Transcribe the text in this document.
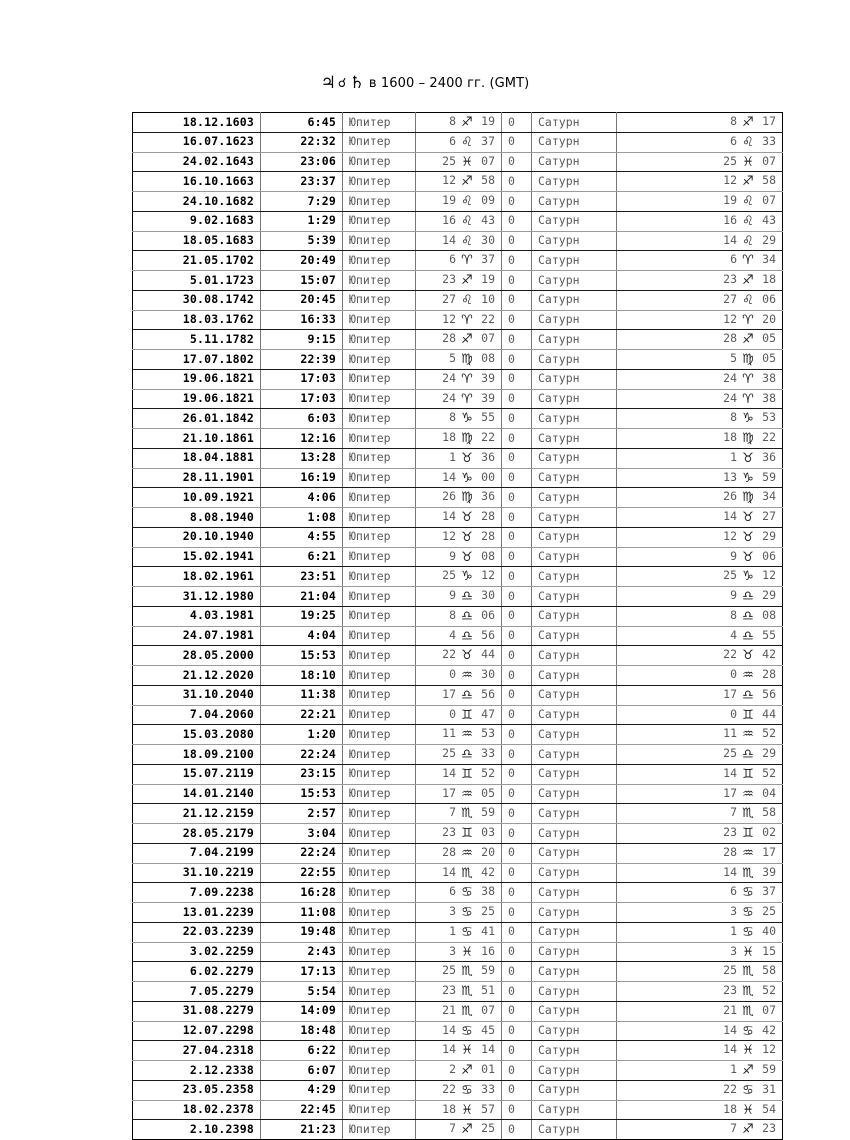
♃ ☌ ♄ в 1600 – 2400 гг. (GMT)
18.12.1603	6:45	Юпитер	8 ♐ 19	0	Сатурн	8 ♐ 17
16.07.1623	22:32	Юпитер	6 ♌ 37	0	Сатурн	6 ♌ 33
24.02.1643	23:06	Юпитер	25 ♓ 07	0	Сатурн	25 ♓ 07
16.10.1663	23:37	Юпитер	12 ♐ 58	0	Сатурн	12 ♐ 58
24.10.1682	7:29	Юпитер	19 ♌ 09	0	Сатурн	19 ♌ 07
9.02.1683	1:29	Юпитер	16 ♌ 43	0	Сатурн	16 ♌ 43
18.05.1683	5:39	Юпитер	14 ♌ 30	0	Сатурн	14 ♌ 29
21.05.1702	20:49	Юпитер	6 ♈ 37	0	Сатурн	6 ♈ 34
5.01.1723	15:07	Юпитер	23 ♐ 19	0	Сатурн	23 ♐ 18
30.08.1742	20:45	Юпитер	27 ♌ 10	0	Сатурн	27 ♌ 06
18.03.1762	16:33	Юпитер	12 ♈ 22	0	Сатурн	12 ♈ 20
5.11.1782	9:15	Юпитер	28 ♐ 07	0	Сатурн	28 ♐ 05
17.07.1802	22:39	Юпитер	5 ♍ 08	0	Сатурн	5 ♍ 05
19.06.1821	17:03	Юпитер	24 ♈ 39	0	Сатурн	24 ♈ 38
19.06.1821	17:03	Юпитер	24 ♈ 39	0	Сатурн	24 ♈ 38
26.01.1842	6:03	Юпитер	8 ♑ 55	0	Сатурн	8 ♑ 53
21.10.1861	12:16	Юпитер	18 ♍ 22	0	Сатурн	18 ♍ 22
18.04.1881	13:28	Юпитер	1 ♉ 36	0	Сатурн	1 ♉ 36
28.11.1901	16:19	Юпитер	14 ♑ 00	0	Сатурн	13 ♑ 59
10.09.1921	4:06	Юпитер	26 ♍ 36	0	Сатурн	26 ♍ 34
8.08.1940	1:08	Юпитер	14 ♉ 28	0	Сатурн	14 ♉ 27
20.10.1940	4:55	Юпитер	12 ♉ 28	0	Сатурн	12 ♉ 29
15.02.1941	6:21	Юпитер	9 ♉ 08	0	Сатурн	9 ♉ 06
18.02.1961	23:51	Юпитер	25 ♑ 12	0	Сатурн	25 ♑ 12
31.12.1980	21:04	Юпитер	9 ♎ 30	0	Сатурн	9 ♎ 29
4.03.1981	19:25	Юпитер	8 ♎ 06	0	Сатурн	8 ♎ 08
24.07.1981	4:04	Юпитер	4 ♎ 56	0	Сатурн	4 ♎ 55
28.05.2000	15:53	Юпитер	22 ♉ 44	0	Сатурн	22 ♉ 42
21.12.2020	18:10	Юпитер	0 ♒ 30	0	Сатурн	0 ♒ 28
31.10.2040	11:38	Юпитер	17 ♎ 56	0	Сатурн	17 ♎ 56
7.04.2060	22:21	Юпитер	0 ♊ 47	0	Сатурн	0 ♊ 44
15.03.2080	1:20	Юпитер	11 ♒ 53	0	Сатурн	11 ♒ 52
18.09.2100	22:24	Юпитер	25 ♎ 33	0	Сатурн	25 ♎ 29
15.07.2119	23:15	Юпитер	14 ♊ 52	0	Сатурн	14 ♊ 52
14.01.2140	15:53	Юпитер	17 ♒ 05	0	Сатурн	17 ♒ 04
21.12.2159	2:57	Юпитер	7 ♏ 59	0	Сатурн	7 ♏ 58
28.05.2179	3:04	Юпитер	23 ♊ 03	0	Сатурн	23 ♊ 02
7.04.2199	22:24	Юпитер	28 ♒ 20	0	Сатурн	28 ♒ 17
31.10.2219	22:55	Юпитер	14 ♏ 42	0	Сатурн	14 ♏ 39
7.09.2238	16:28	Юпитер	6 ♋ 38	0	Сатурн	6 ♋ 37
13.01.2239	11:08	Юпитер	3 ♋ 25	0	Сатурн	3 ♋ 25
22.03.2239	19:48	Юпитер	1 ♋ 41	0	Сатурн	1 ♋ 40
3.02.2259	2:43	Юпитер	3 ♓ 16	0	Сатурн	3 ♓ 15
6.02.2279	17:13	Юпитер	25 ♏ 59	0	Сатурн	25 ♏ 58
7.05.2279	5:54	Юпитер	23 ♏ 51	0	Сатурн	23 ♏ 52
31.08.2279	14:09	Юпитер	21 ♏ 07	0	Сатурн	21 ♏ 07
12.07.2298	18:48	Юпитер	14 ♋ 45	0	Сатурн	14 ♋ 42
27.04.2318	6:22	Юпитер	14 ♓ 14	0	Сатурн	14 ♓ 12
2.12.2338	6:07	Юпитер	2 ♐ 01	0	Сатурн	1 ♐ 59
23.05.2358	4:29	Юпитер	22 ♋ 33	0	Сатурн	22 ♋ 31
18.02.2378	22:45	Юпитер	18 ♓ 57	0	Сатурн	18 ♓ 54
2.10.2398	21:23	Юпитер	7 ♐ 25	0	Сатурн	7 ♐ 23
